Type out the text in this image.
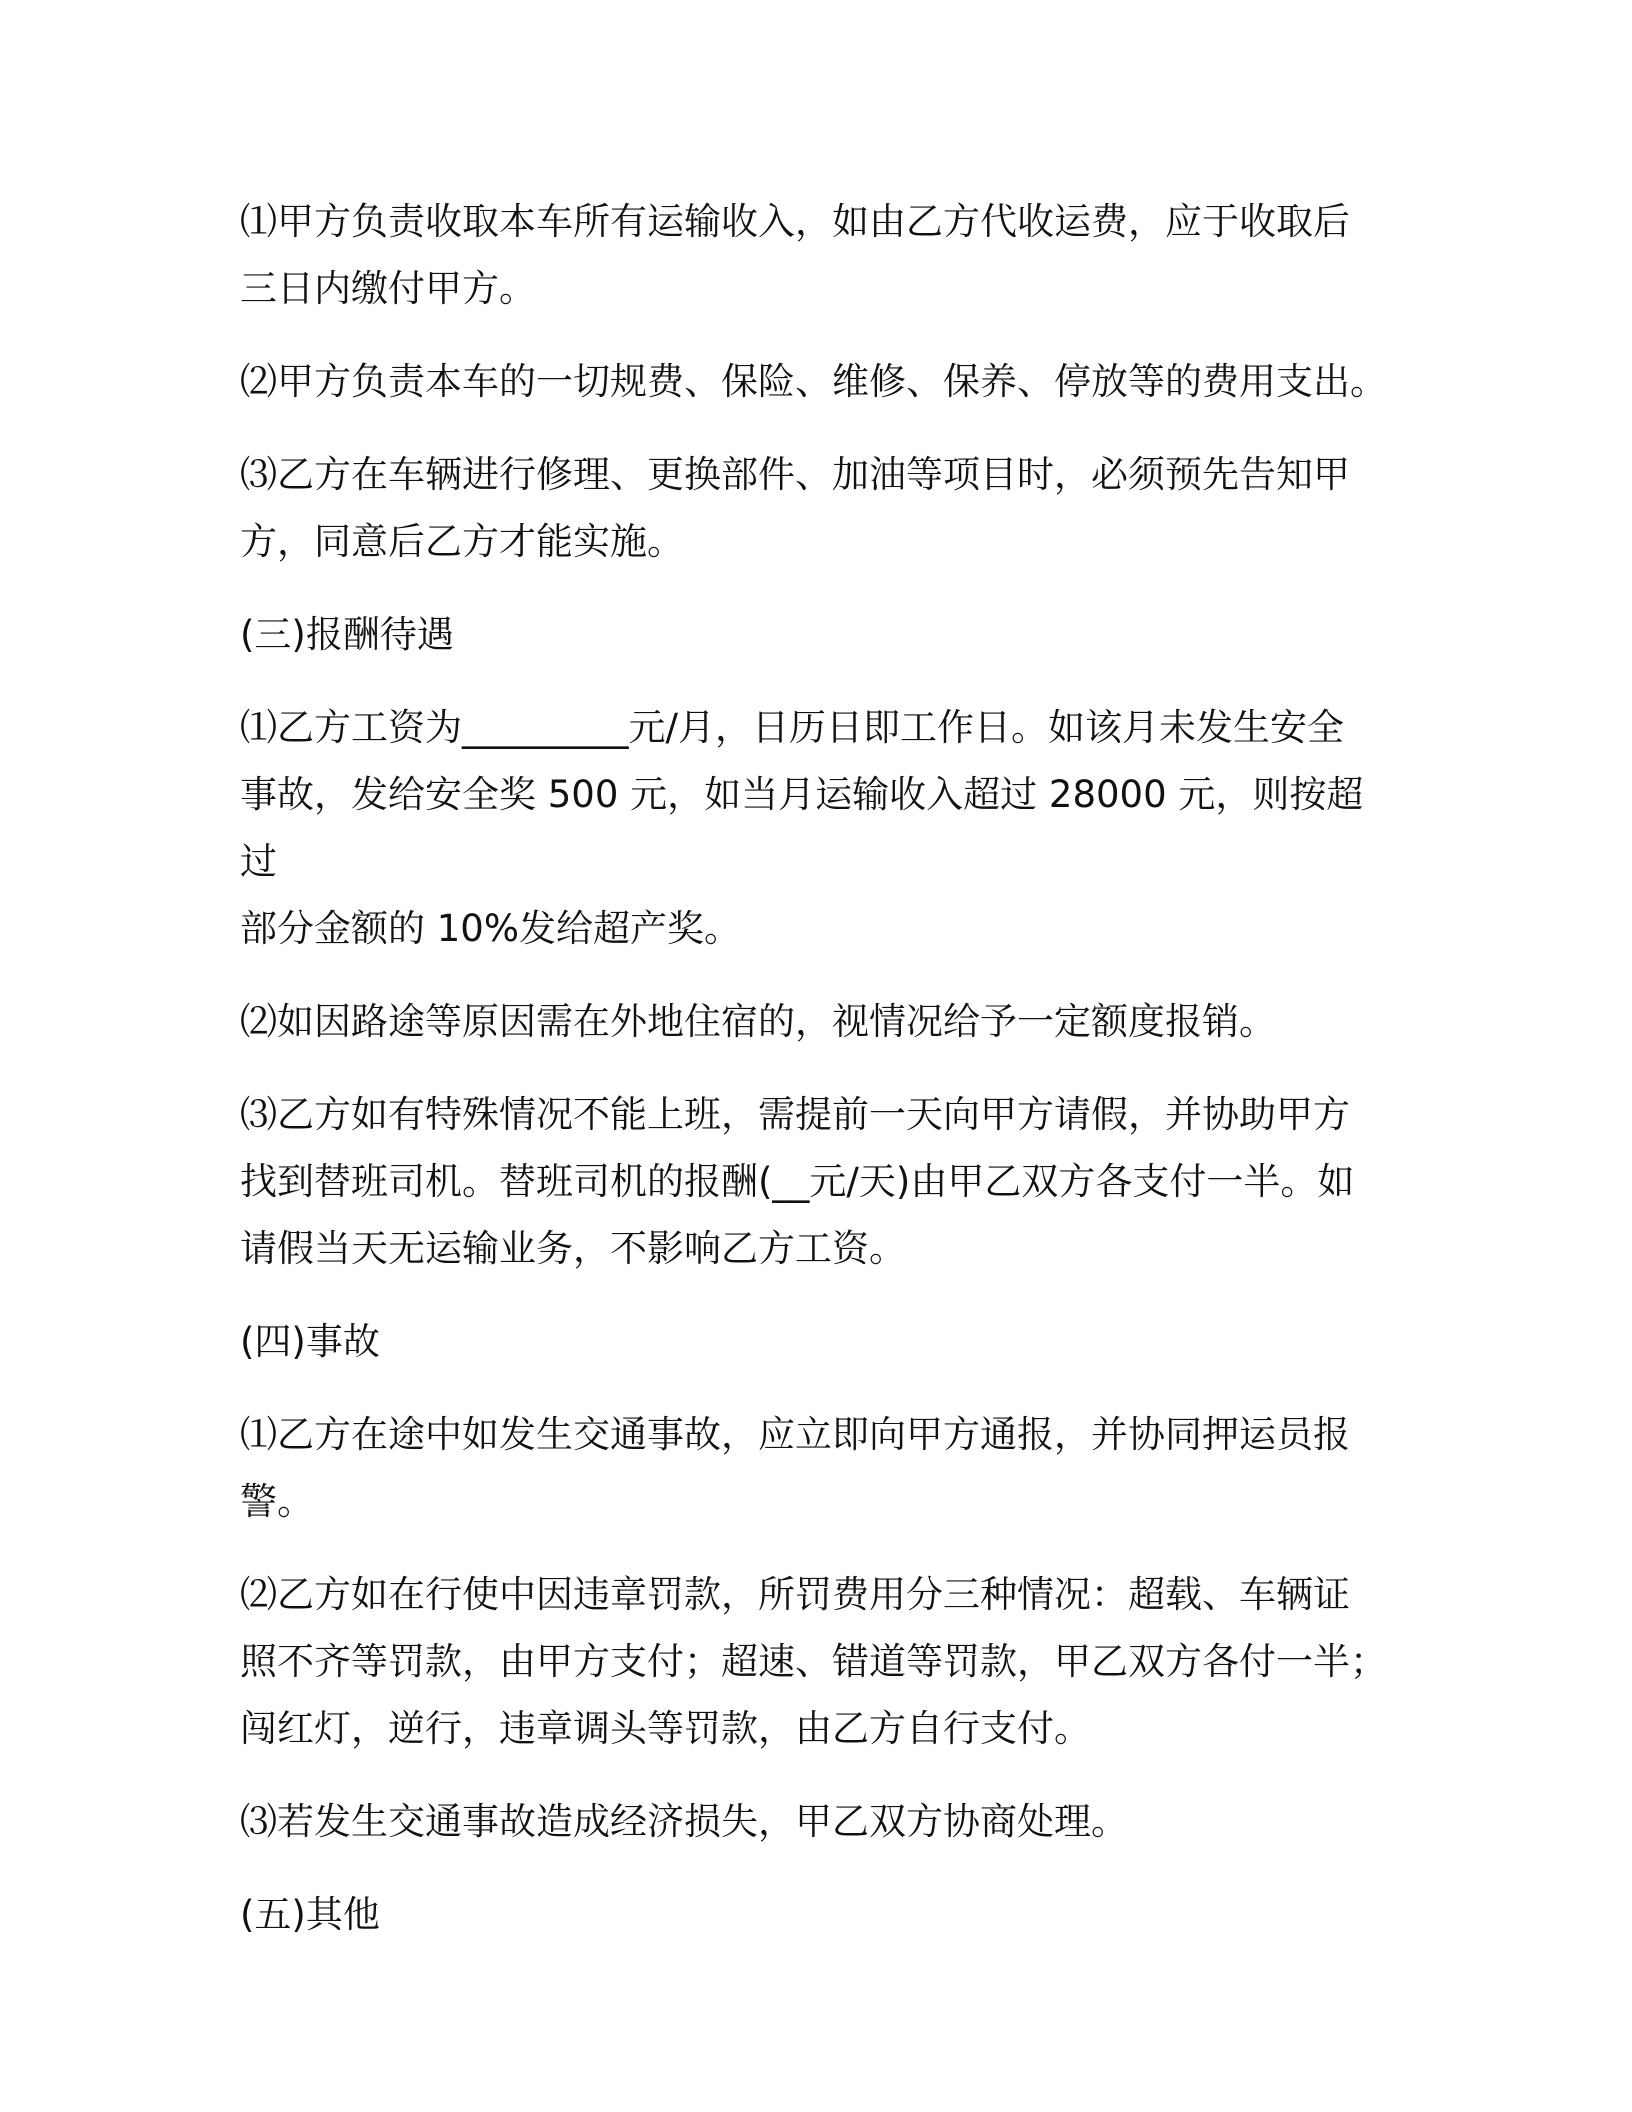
⑴甲方负责收取本车所有运输收入，如由乙方代收运费，应于收取后
三日内缴付甲方。
⑵甲方负责本车的一切规费、保险、维修、保养、停放等的费用支出。
⑶乙方在车辆进行修理、更换部件、加油等项目时，必须预先告知甲
方，同意后乙方才能实施。
(三)报酬待遇
⑴乙方工资为_________元/月，日历日即工作日。如该月未发生安全
事故，发给安全奖 500 元，如当月运输收入超过 28000 元，则按超过
部分金额的 10%发给超产奖。
⑵如因路途等原因需在外地住宿的，视情况给予一定额度报销。
⑶乙方如有特殊情况不能上班，需提前一天向甲方请假，并协助甲方
找到替班司机。替班司机的报酬(__元/天)由甲乙双方各支付一半。如
请假当天无运输业务，不影响乙方工资。
(四)事故
⑴乙方在途中如发生交通事故，应立即向甲方通报，并协同押运员报
警。
⑵乙方如在行使中因违章罚款，所罚费用分三种情况：超载、车辆证
照不齐等罚款，由甲方支付；超速、错道等罚款，甲乙双方各付一半；
闯红灯，逆行，违章调头等罚款，由乙方自行支付。
⑶若发生交通事故造成经济损失，甲乙双方协商处理。
(五)其他
